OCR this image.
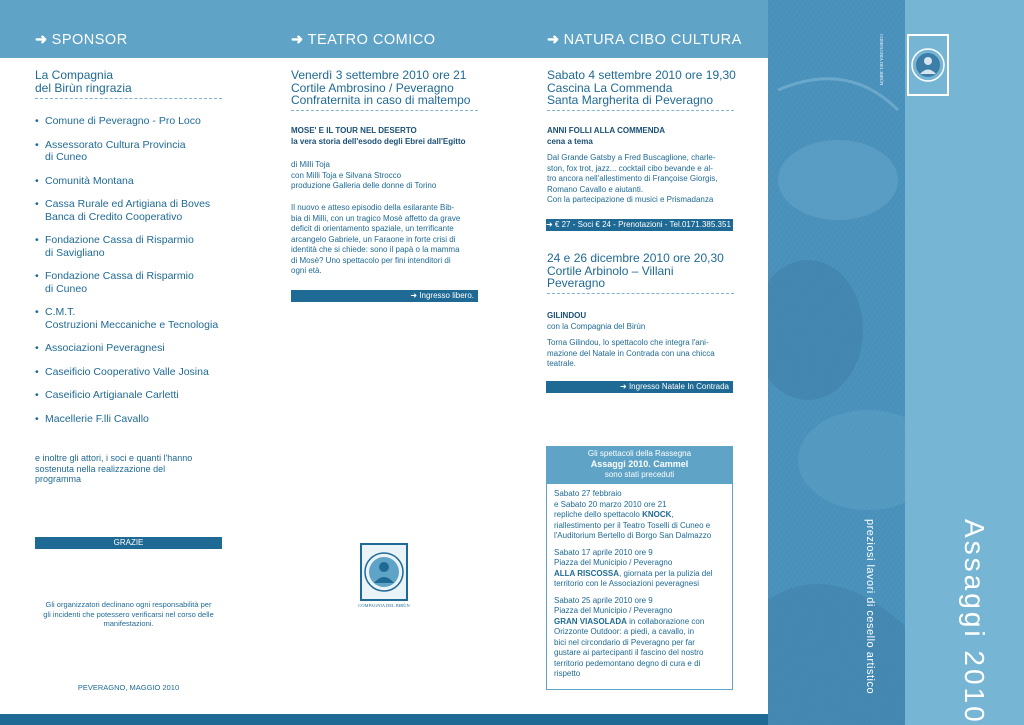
➜ SPONSOR	➜ TEATRO COMICO	➜ NATURA CIBO CULTURA
La Compagnia
del Birùn ringrazia
• Comune di Peveragno - Pro Loco
• Assessorato Cultura Provincia
di Cuneo
• Comunità Montana
• Cassa Rurale ed Artigiana di Boves
Banca di Credito Cooperativo
• Fondazione Cassa di Risparmio
di Savigliano
• Fondazione Cassa di Risparmio
di Cuneo
• C.M.T.
Costruzioni Meccaniche e Tecnologia
• Associazioni Peveragnesi
• Caseificio Cooperativo Valle Josina
• Caseificio Artigianale Carletti
• Macellerie F.lli Cavallo
e inoltre gli attori, i soci e quanti l'hanno
sostenuta nella realizzazione del
programma
GRAZIE
Gli organizzatori declinano ogni responsabilità per
gli incidenti che potessero verificarsi nel corso delle
manifestazioni.
PEVERAGNO, MAGGIO 2010
Venerdì 3 settembre 2010 ore 21
Cortile Ambrosino / Peveragno
Confraternita in caso di maltempo
MOSE' E IL TOUR NEL DESERTO
la vera storia dell'esodo degli Ebrei dall'Egitto
di Milli Toja
con Milli Toja e Silvana Strocco
produzione Galleria delle donne di Torino
Il nuovo e atteso episodio della esilarante Bib-
bia di Milli, con un tragico Mosè affetto da grave
deficit di orientamento spaziale, un terrificante
arcangelo Gabriele, un Faraone in forte crisi di
identità che si chiede: sono il papà o la mamma
di Mosè? Uno spettacolo per fini intenditori di
ogni età.
➜ Ingresso libero.
COMPAGNIA DEL BIRÙN
Sabato 4 settembre 2010 ore 19,30
Cascina La Commenda
Santa Margherita di Peveragno
ANNI FOLLI ALLA COMMENDA
cena a tema
Dal Grande Gatsby a Fred Buscaglione, charle-
ston, fox trot, jazz... cocktail cibo bevande e al-
tro ancora nell'allestimento di Françoise Giorgis,
Romano Cavallo e aiutanti.
Con la partecipazione di musici e Prismadanza
➜ € 27 - Soci € 24 - Prenotazioni - Tel.0171.385.351
24 e 26 dicembre 2010 ore 20,30
Cortile Arbinolo – Villani
Peveragno
GILINDOU
con la Compagnia del Birùn
Torna Gilindou, lo spettacolo che integra l'ani-
mazione del Natale in Contrada con una chicca
teatrale.
➜ Ingresso Natale In Contrada
Gli spettacoli della Rassegna
Assaggi 2010. Cammel
sono stati preceduti
Sabato 27 febbraio
e Sabato 20 marzo 2010 ore 21
repliche dello spettacolo KNOCK,
riallestimento per il Teatro Toselli di Cuneo e
l'Auditorium Bertello di Borgo San Dalmazzo
Sabato 17 aprile 2010 ore 9
Piazza del Municipio / Peveragno
ALLA RISCOSSA, giornata per la pulizia del
territorio con le Associazioni peveragnesi
Sabato 25 aprile 2010 ore 9
Piazza del Municipio / Peveragno
GRAN VIASOLADA in collaborazione con
Orizzonte Outdoor: a piedi, a cavallo, in
bici nel circondario di Peveragno per far
gustare ai partecipanti il fascino del nostro
territorio pedemontano degno di cura e di
rispetto
COMPAGNIA DEL BIRÙN
Assaggi 2010
preziosi lavori di cesello artistico
